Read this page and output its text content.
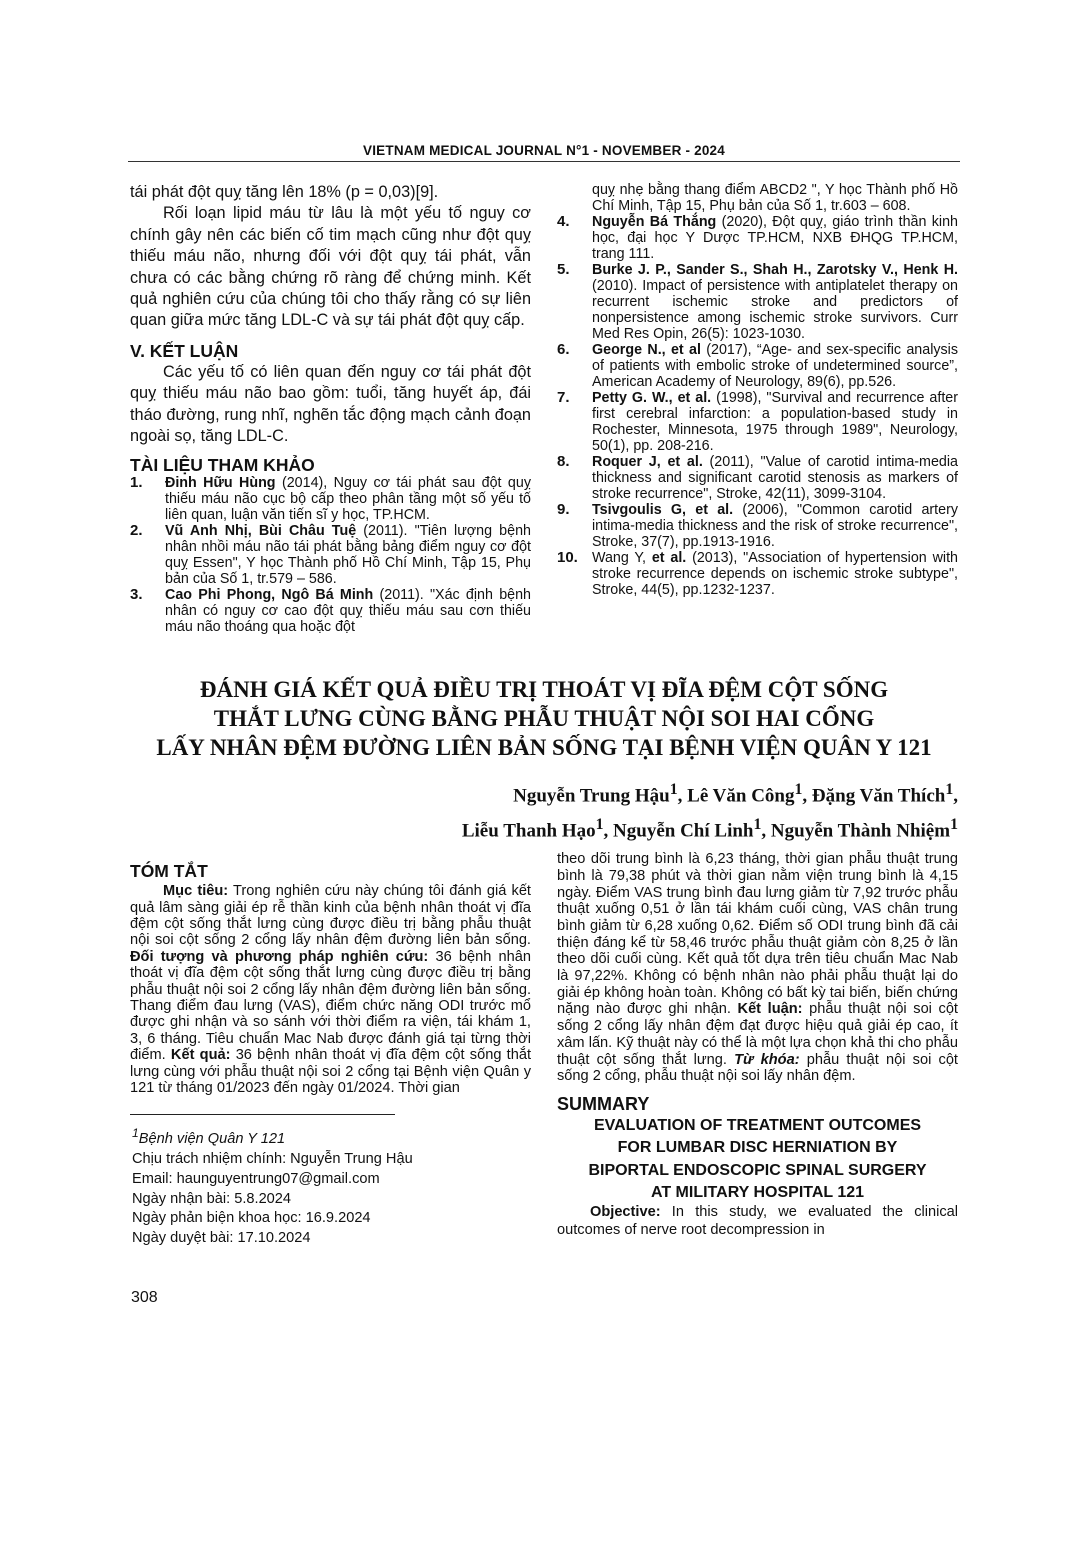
VIETNAM MEDICAL JOURNAL N°1 - NOVEMBER - 2024
tái phát đột quỵ tăng lên 18% (p = 0,03)[9].
Rối loạn lipid máu từ lâu là một yếu tố nguy cơ chính gây nên các biến cố tim mạch cũng như đột quỵ thiếu máu não, nhưng đối với đột quỵ tái phát, vẫn chưa có các bằng chứng rõ ràng để chứng minh. Kết quả nghiên cứu của chúng tôi cho thấy rằng có sự liên quan giữa mức tăng LDL-C và sự tái phát đột quỵ cấp.
V. KẾT LUẬN
Các yếu tố có liên quan đến nguy cơ tái phát đột quỵ thiếu máu não bao gồm: tuổi, tăng huyết áp, đái tháo đường, rung nhĩ, nghẽn tắc động mạch cảnh đoạn ngoài sọ, tăng LDL-C.
TÀI LIỆU THAM KHẢO
1. Đinh Hữu Hùng (2014), Nguy cơ tái phát sau đột quỵ thiếu máu não cục bộ cấp theo phân tầng một số yếu tố liên quan, luận văn tiến sĩ y học, TP.HCM.
2. Vũ Anh Nhị, Bùi Châu Tuệ (2011). "Tiên lượng bệnh nhân nhồi máu não tái phát bằng bảng điểm nguy cơ đột quỵ Essen", Y học Thành phố Hồ Chí Minh, Tập 15, Phụ bản của Số 1, tr.579 – 586.
3. Cao Phi Phong, Ngô Bá Minh (2011). "Xác định bệnh nhân có nguy cơ cao đột quỵ thiếu máu sau cơn thiếu máu não thoáng qua hoặc đột
quỵ nhẹ bằng thang điểm ABCD2 ", Y học Thành phố Hồ Chí Minh, Tập 15, Phụ bản của Số 1, tr.603 – 608.
4. Nguyễn Bá Thắng (2020), Đột quỵ, giáo trình thần kinh học, đại học Y Dược TP.HCM, NXB ĐHQG TP.HCM, trang 111.
5. Burke J. P., Sander S., Shah H., Zarotsky V., Henk H. (2010). Impact of persistence with antiplatelet therapy on recurrent ischemic stroke and predictors of nonpersistence among ischemic stroke survivors. Curr Med Res Opin, 26(5): 1023-1030.
6. George N., et al (2017), “Age- and sex-specific analysis of patients with embolic stroke of undetermined source”, American Academy of Neurology, 89(6), pp.526.
7. Petty G. W., et al. (1998), "Survival and recurrence after first cerebral infarction: a population-based study in Rochester, Minnesota, 1975 through 1989", Neurology, 50(1), pp. 208-216.
8. Roquer J, et al. (2011), "Value of carotid intima-media thickness and significant carotid stenosis as markers of stroke recurrence", Stroke, 42(11), 3099-3104.
9. Tsivgoulis G, et al. (2006), "Common carotid artery intima-media thickness and the risk of stroke recurrence", Stroke, 37(7), pp.1913-1916.
10. Wang Y, et al. (2013), "Association of hypertension with stroke recurrence depends on ischemic stroke subtype", Stroke, 44(5), pp.1232-1237.
ĐÁNH GIÁ KẾT QUẢ ĐIỀU TRỊ THOÁT VỊ ĐĨA ĐỆM CỘT SỐNG
THẮT LƯNG CÙNG BẰNG PHẪU THUẬT NỘI SOI HAI CỔNG
LẤY NHÂN ĐỆM ĐƯỜNG LIÊN BẢN SỐNG TẠI BỆNH VIỆN QUÂN Y 121
Nguyễn Trung Hậu$^1$, Lê Văn Công$^1$, Đặng Văn Thích$^1$,
Liễu Thanh Hạo$^1$, Nguyễn Chí Linh$^1$, Nguyễn Thành Nhiệm$^1$
TÓM TẮT
Mục tiêu: Trong nghiên cứu này chúng tôi đánh giá kết quả lâm sàng giải ép rễ thần kinh của bệnh nhân thoát vị đĩa đệm cột sống thắt lưng cùng được điều trị bằng phẫu thuật nội soi cột sống 2 cổng lấy nhân đệm đường liên bản sống. Đối tượng và phương pháp nghiên cứu: 36 bệnh nhân thoát vị đĩa đệm cột sống thắt lưng cùng được điều trị bằng phẫu thuật nội soi 2 cổng lấy nhân đệm đường liên bản sống. Thang điểm đau lưng (VAS), điểm chức năng ODI trước mổ được ghi nhận và so sánh với thời điểm ra viện, tái khám 1, 3, 6 tháng. Tiêu chuẩn Mac Nab được đánh giá tại từng thời điểm. Kết quả: 36 bệnh nhân thoát vị đĩa đệm cột sống thắt lưng cùng với phẫu thuật nội soi 2 cổng tại Bệnh viện Quân y 121 từ tháng 01/2023 đến ngày 01/2024. Thời gian
$^1$Bệnh viện Quân Y 121
Chịu trách nhiệm chính: Nguyễn Trung Hậu
Email: haunguyentrung07@gmail.com
Ngày nhận bài: 5.8.2024
Ngày phản biện khoa học: 16.9.2024
Ngày duyệt bài: 17.10.2024
theo dõi trung bình là 6,23 tháng, thời gian phẫu thuật trung bình là 79,38 phút và thời gian nằm viện trung bình là 4,15 ngày. Điểm VAS trung bình đau lưng giảm từ 7,92 trước phẫu thuật xuống 0,51 ở lần tái khám cuối cùng, VAS chân trung bình giảm từ 6,28 xuống 0,62. Điểm số ODI trung bình đã cải thiện đáng kể từ 58,46 trước phẫu thuật giảm còn 8,25 ở lần theo dõi cuối cùng. Kết quả tốt dựa trên tiêu chuẩn Mac Nab là 97,22%. Không có bệnh nhân nào phải phẫu thuật lại do giải ép không hoàn toàn. Không có bất kỳ tai biến, biến chứng nặng nào được ghi nhận. Kết luận: phẫu thuật nội soi cột sống 2 cổng lấy nhân đệm đạt được hiệu quả giải ép cao, ít xâm lấn. Kỹ thuật này có thể là một lựa chọn khả thi cho phẫu thuật cột sống thắt lưng. Từ khóa: phẫu thuật nội soi cột sống 2 cổng, phẫu thuật nội soi lấy nhân đệm.
SUMMARY
EVALUATION OF TREATMENT OUTCOMES
FOR LUMBAR DISC HERNIATION BY
BIPORTAL ENDOSCOPIC SPINAL SURGERY
AT MILITARY HOSPITAL 121
Objective: In this study, we evaluated the clinical outcomes of nerve root decompression in
308
